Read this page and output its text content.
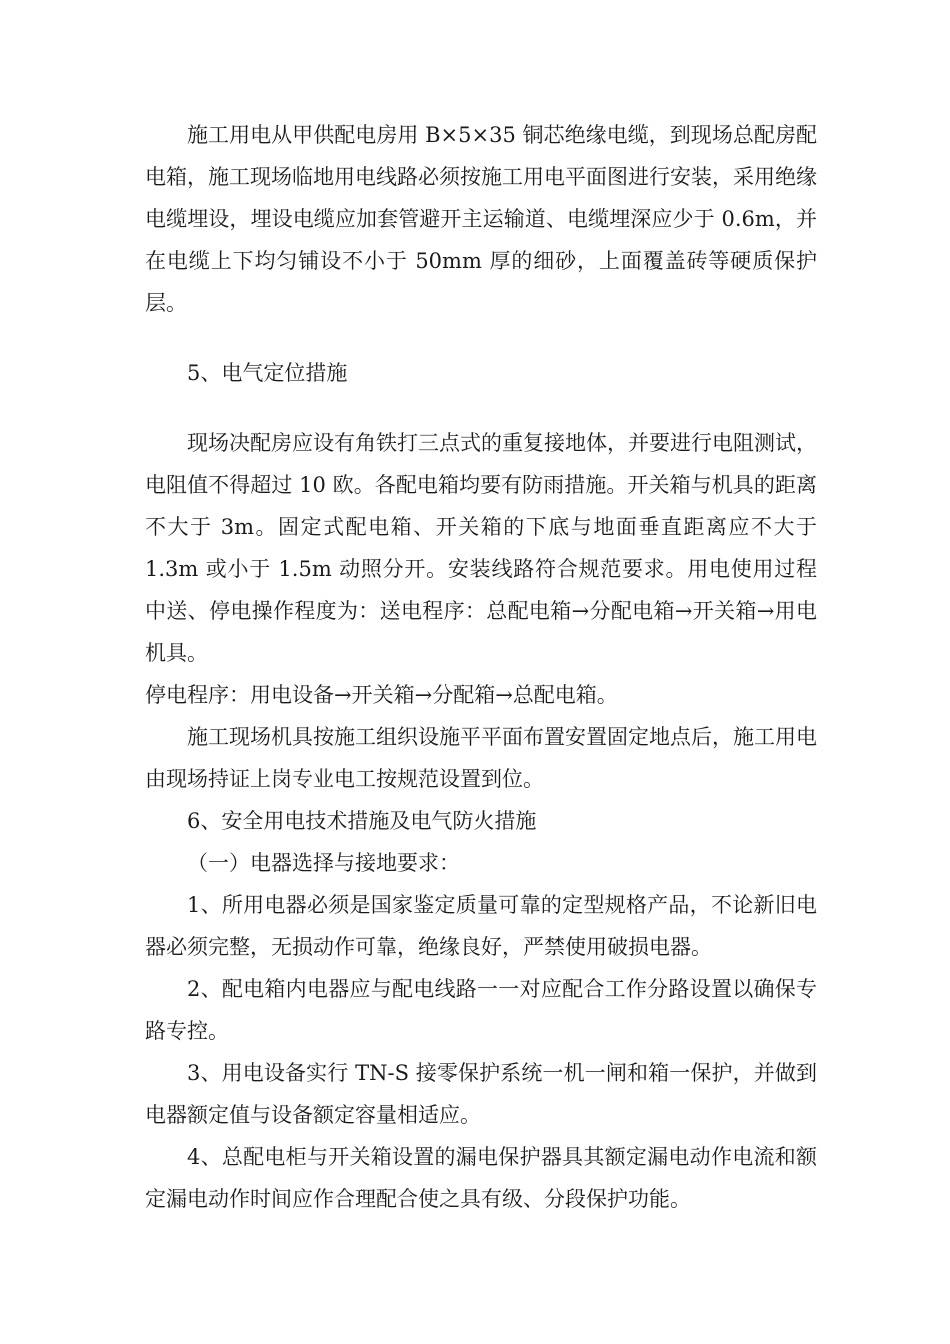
施工用电从甲供配电房用 B×5×35 铜芯绝缘电缆，到现场总配房配电箱，施工现场临地用电线路必须按施工用电平面图进行安装，采用绝缘电缆埋设，埋设电缆应加套管避开主运输道、电缆埋深应少于 0.6m，并在电缆上下均匀铺设不小于 50mm 厚的细砂，上面覆盖砖等硬质保护层。

5、电气定位措施

现场决配房应设有角铁打三点式的重复接地体，并要进行电阻测试，电阻值不得超过 10 欧。各配电箱均要有防雨措施。开关箱与机具的距离不大于 3m。固定式配电箱、开关箱的下底与地面垂直距离应不大于 1.3m 或小于 1.5m 动照分开。安装线路符合规范要求。用电使用过程中送、停电操作程度为：送电程序：总配电箱→分配电箱→开关箱→用电机具。

停电程序：用电设备→开关箱→分配箱→总配电箱。

施工现场机具按施工组织设施平平面布置安置固定地点后，施工用电由现场持证上岗专业电工按规范设置到位。

6、安全用电技术措施及电气防火措施

（一）电器选择与接地要求：

1、所用电器必须是国家鉴定质量可靠的定型规格产品，不论新旧电器必须完整，无损动作可靠，绝缘良好，严禁使用破损电器。

2、配电箱内电器应与配电线路一一对应配合工作分路设置以确保专路专控。

3、用电设备实行 TN-S 接零保护系统一机一闸和箱一保护，并做到电器额定值与设备额定容量相适应。

4、总配电柜与开关箱设置的漏电保护器具其额定漏电动作电流和额定漏电动作时间应作合理配合使之具有级、分段保护功能。
